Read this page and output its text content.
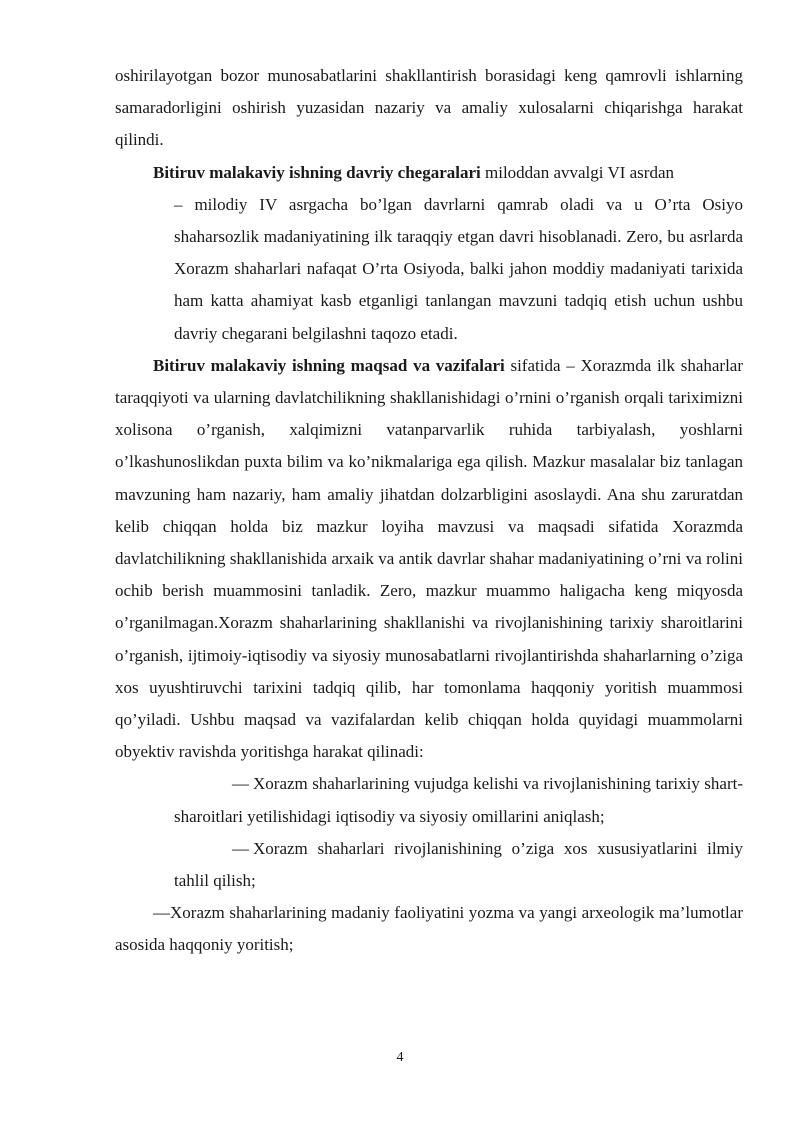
oshirilayotgan bozor munosabatlarini shakllantirish borasidagi keng qamrovli ishlarning samaradorligini oshirish yuzasidan nazariy va amaliy xulosalarni chiqarishga harakat qilindi.

Bitiruv malakaviy ishning davriy chegaralari miloddan avvalgi VI asrdan

– milodiy IV asrgacha bo’lgan davrlarni qamrab oladi va u O’rta Osiyo shaharsozlik madaniyatining ilk taraqqiy etgan davri hisoblanadi. Zero, bu asrlarda Xorazm shaharlari nafaqat O’rta Osiyoda, balki jahon moddiy madaniyati tarixida ham katta ahamiyat kasb etganligi tanlangan mavzuni tadqiq etish uchun ushbu davriy chegarani belgilashni taqozo etadi.

Bitiruv malakaviy ishning maqsad va vazifalari sifatida – Xorazmda ilk shaharlar taraqqiyoti va ularning davlatchilikning shakllanishidagi o’rnini o’rganish orqali tariximizni xolisona o’rganish, xalqimizni vatanparvarlik ruhida tarbiyalash, yoshlarni o’lkashunoslikdan puxta bilim va ko’nikmalariga ega qilish. Mazkur masalalar biz tanlagan mavzuning ham nazariy, ham amaliy jihatdan dolzarbligini asoslaydi. Ana shu zaruratdan kelib chiqqan holda biz mazkur loyiha mavzusi va maqsadi sifatida Xorazmda davlatchilikning shakllanishida arxaik va antik davrlar shahar madaniyatining o’rni va rolini ochib berish muammosini tanladik. Zero, mazkur muammo haligacha keng miqyosda o’rganilmagan.Xorazm shaharlarining shakllanishi va rivojlanishining tarixiy sharoitlarini o’rganish, ijtimoiy-iqtisodiy va siyosiy munosabatlarni rivojlantirishda shaharlarning o’ziga xos uyushtiruvchi tarixini tadqiq qilib, har tomonlama haqqoniy yoritish muammosi qo’yiladi. Ushbu maqsad va vazifalardan kelib chiqqan holda quyidagi muammolarni obyektiv ravishda yoritishga harakat qilinadi:

— Xorazm shaharlarining vujudga kelishi va rivojlanishining tarixiy shart-sharoitlari yetilishidagi iqtisodiy va siyosiy omillarini aniqlash;

— Xorazm shaharlari rivojlanishining o’ziga xos xususiyatlarini ilmiy tahlil qilish;

—Xorazm shaharlarining madaniy faoliyatini yozma va yangi arxeologik ma’lumotlar asosida haqqoniy yoritish;

4
